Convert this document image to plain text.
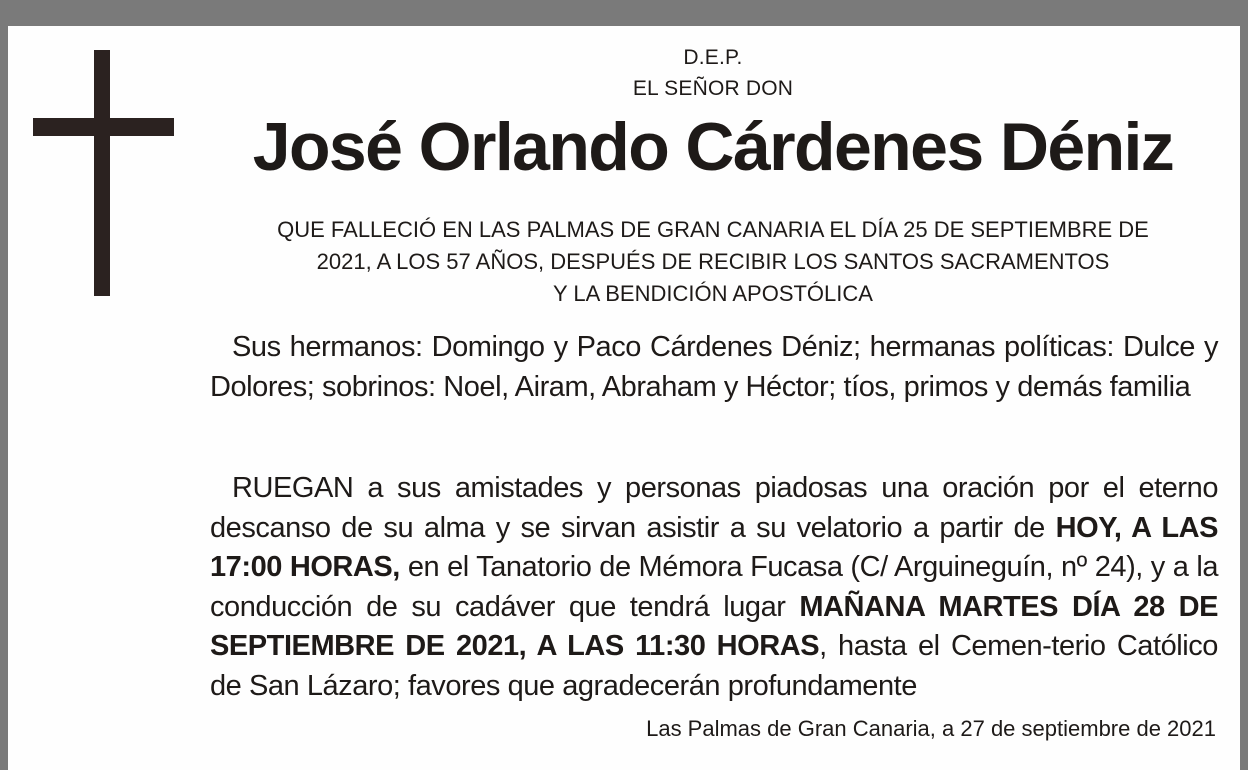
D.E.P.
EL SEÑOR DON
José Orlando Cárdenes Déniz
QUE FALLECIÓ EN LAS PALMAS DE GRAN CANARIA EL DÍA 25 DE SEPTIEMBRE DE
2021, A LOS 57 AÑOS, DESPUÉS DE RECIBIR LOS SANTOS SACRAMENTOS
Y LA BENDICIÓN APOSTÓLICA
Sus hermanos: Domingo y Paco Cárdenes Déniz; hermanas políticas: Dulce y Dolores; sobrinos: Noel, Airam, Abraham y Héctor; tíos, primos y demás familia
RUEGAN a sus amistades y personas piadosas una oración por el eterno descanso de su alma y se sirvan asistir a su velatorio a partir de HOY, A LAS 17:00 HORAS, en el Tanatorio de Mémora Fucasa (C/ Arguineguín, nº 24), y a la conducción de su cadáver que tendrá lugar MAÑANA MARTES DÍA 28 DE SEPTIEMBRE DE 2021, A LAS 11:30 HORAS, hasta el Cemen-terio Católico de San Lázaro; favores que agradecerán profundamente
Las Palmas de Gran Canaria, a 27 de septiembre de 2021
